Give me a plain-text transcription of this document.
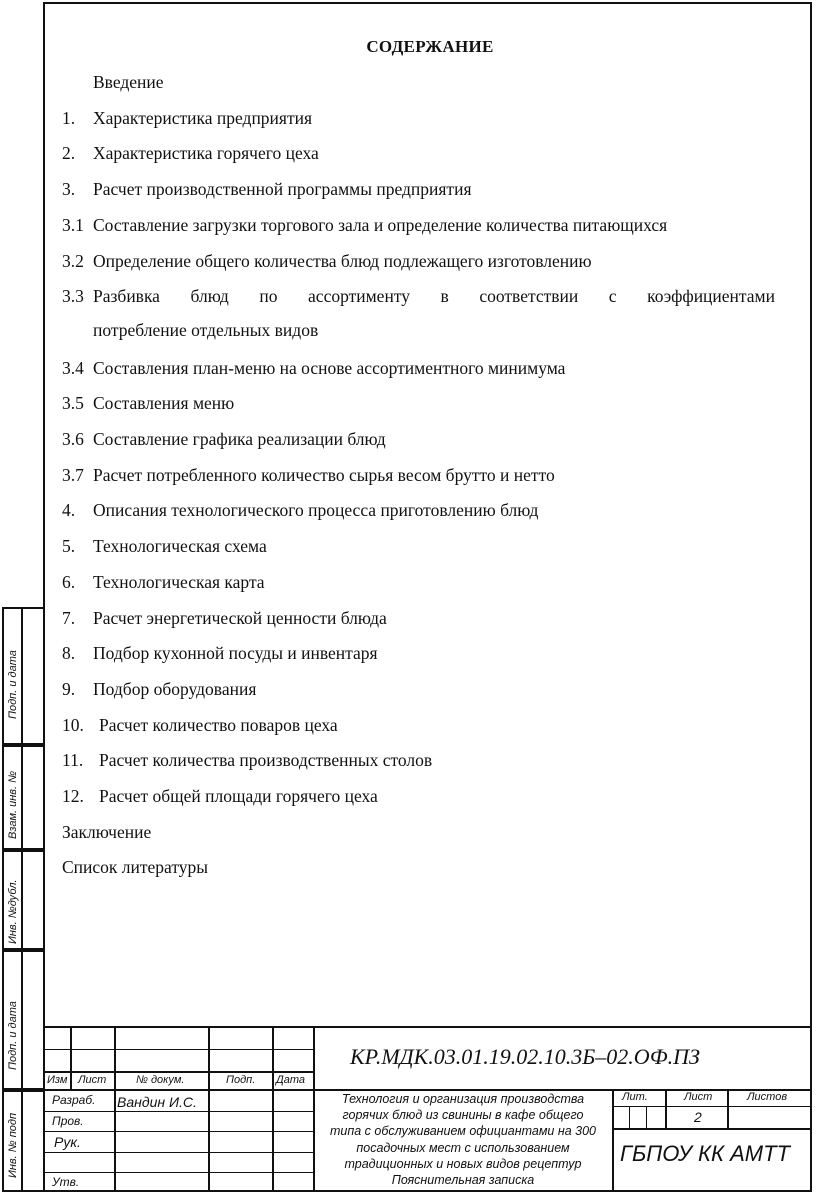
Подп. и дата
Взам. инв. №
Инв. №дубл.
Подп. и дата
Инв. № подп
СОДЕРЖАНИЕ
Введение
1. Характеристика предприятия
2. Характеристика горячего цеха
3. Расчет производственной программы предприятия
3.1 Составление загрузки торгового зала и определение количества питающихся
3.2 Определение общего количества блюд подлежащего изготовлению
3.3 Разбивка блюд по ассортименту в соответствии с коэффициентами
потребление отдельных видов
3.4 Составления план-меню на основе ассортиментного минимума
3.5 Составления меню
3.6 Составление графика реализации блюд
3.7 Расчет потребленного количество сырья весом брутто и нетто
4. Описания технологического процесса приготовлению блюд
5. Технологическая схема
6. Технологическая карта
7. Расчет энергетической ценности блюда
8. Подбор кухонной посуды и инвентаря
9. Подбор оборудования
10. Расчет количество поваров цеха
11. Расчет количества производственных столов
12. Расчет общей площади горячего цеха
Заключение
Список литературы
КР.МДК.03.01.19.02.10.3Б–02.ОФ.ПЗ
Изм Лист	№ докум.	Подп. Дата
Разраб. Вандин И.С.
Пров.
Рук.
Утв.
Технология и организация производства
горячих блюд из свинины в кафе общего
типа с обслуживанием официантами на 300
посадочных мест с использованием
традиционных и новых видов рецептур
Пояснительная записка
Лит.	Лист	Листов
2
ГБПОУ КК АМТТ
